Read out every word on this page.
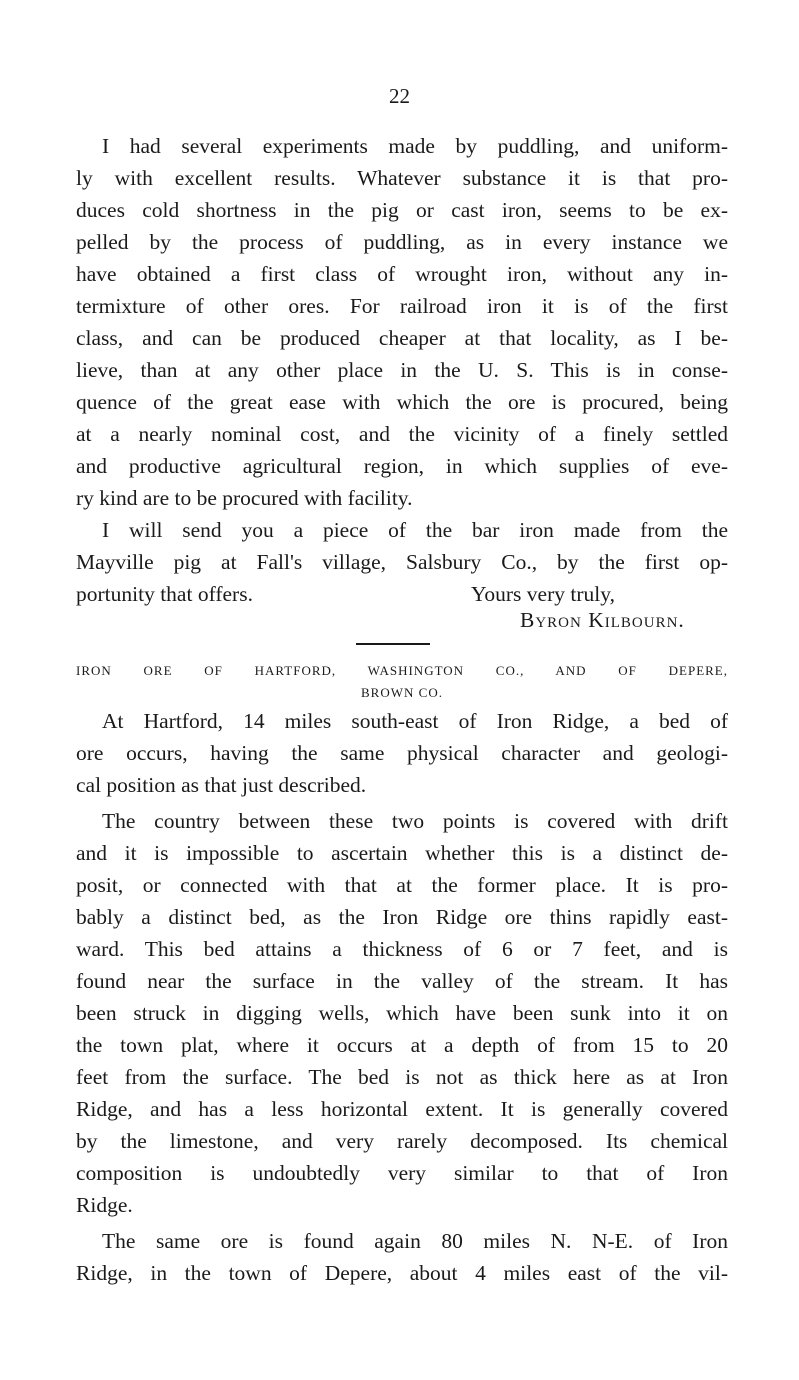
22
I had several experiments made by puddling, and uniform-
ly with excellent results. Whatever substance it is that pro-
duces cold shortness in the pig or cast iron, seems to be ex-
pelled by the process of puddling, as in every instance we
have obtained a first class of wrought iron, without any in-
termixture of other ores. For railroad iron it is of the first
class, and can be produced cheaper at that locality, as I be-
lieve, than at any other place in the U. S. This is in conse-
quence of the great ease with which the ore is procured, being
at a nearly nominal cost, and the vicinity of a finely settled
and productive agricultural region, in which supplies of eve-
ry kind are to be procured with facility.
I will send you a piece of the bar iron made from the
Mayville pig at Fall's village, Salsbury Co., by the first op-
portunity that offers.	Yours very truly,
Byron Kilbourn.
IRON ORE OF HARTFORD, WASHINGTON CO., AND OF DEPERE,
BROWN CO.
At Hartford, 14 miles south-east of Iron Ridge, a bed of
ore occurs, having the same physical character and geologi-
cal position as that just described.
The country between these two points is covered with drift
and it is impossible to ascertain whether this is a distinct de-
posit, or connected with that at the former place. It is pro-
bably a distinct bed, as the Iron Ridge ore thins rapidly east-
ward. This bed attains a thickness of 6 or 7 feet, and is
found near the surface in the valley of the stream. It has
been struck in digging wells, which have been sunk into it on
the town plat, where it occurs at a depth of from 15 to 20
feet from the surface. The bed is not as thick here as at Iron
Ridge, and has a less horizontal extent. It is generally covered
by the limestone, and very rarely decomposed. Its chemical
composition is undoubtedly very similar to that of Iron
Ridge.
The same ore is found again 80 miles N. N-E. of Iron
Ridge, in the town of Depere, about 4 miles east of the vil-
